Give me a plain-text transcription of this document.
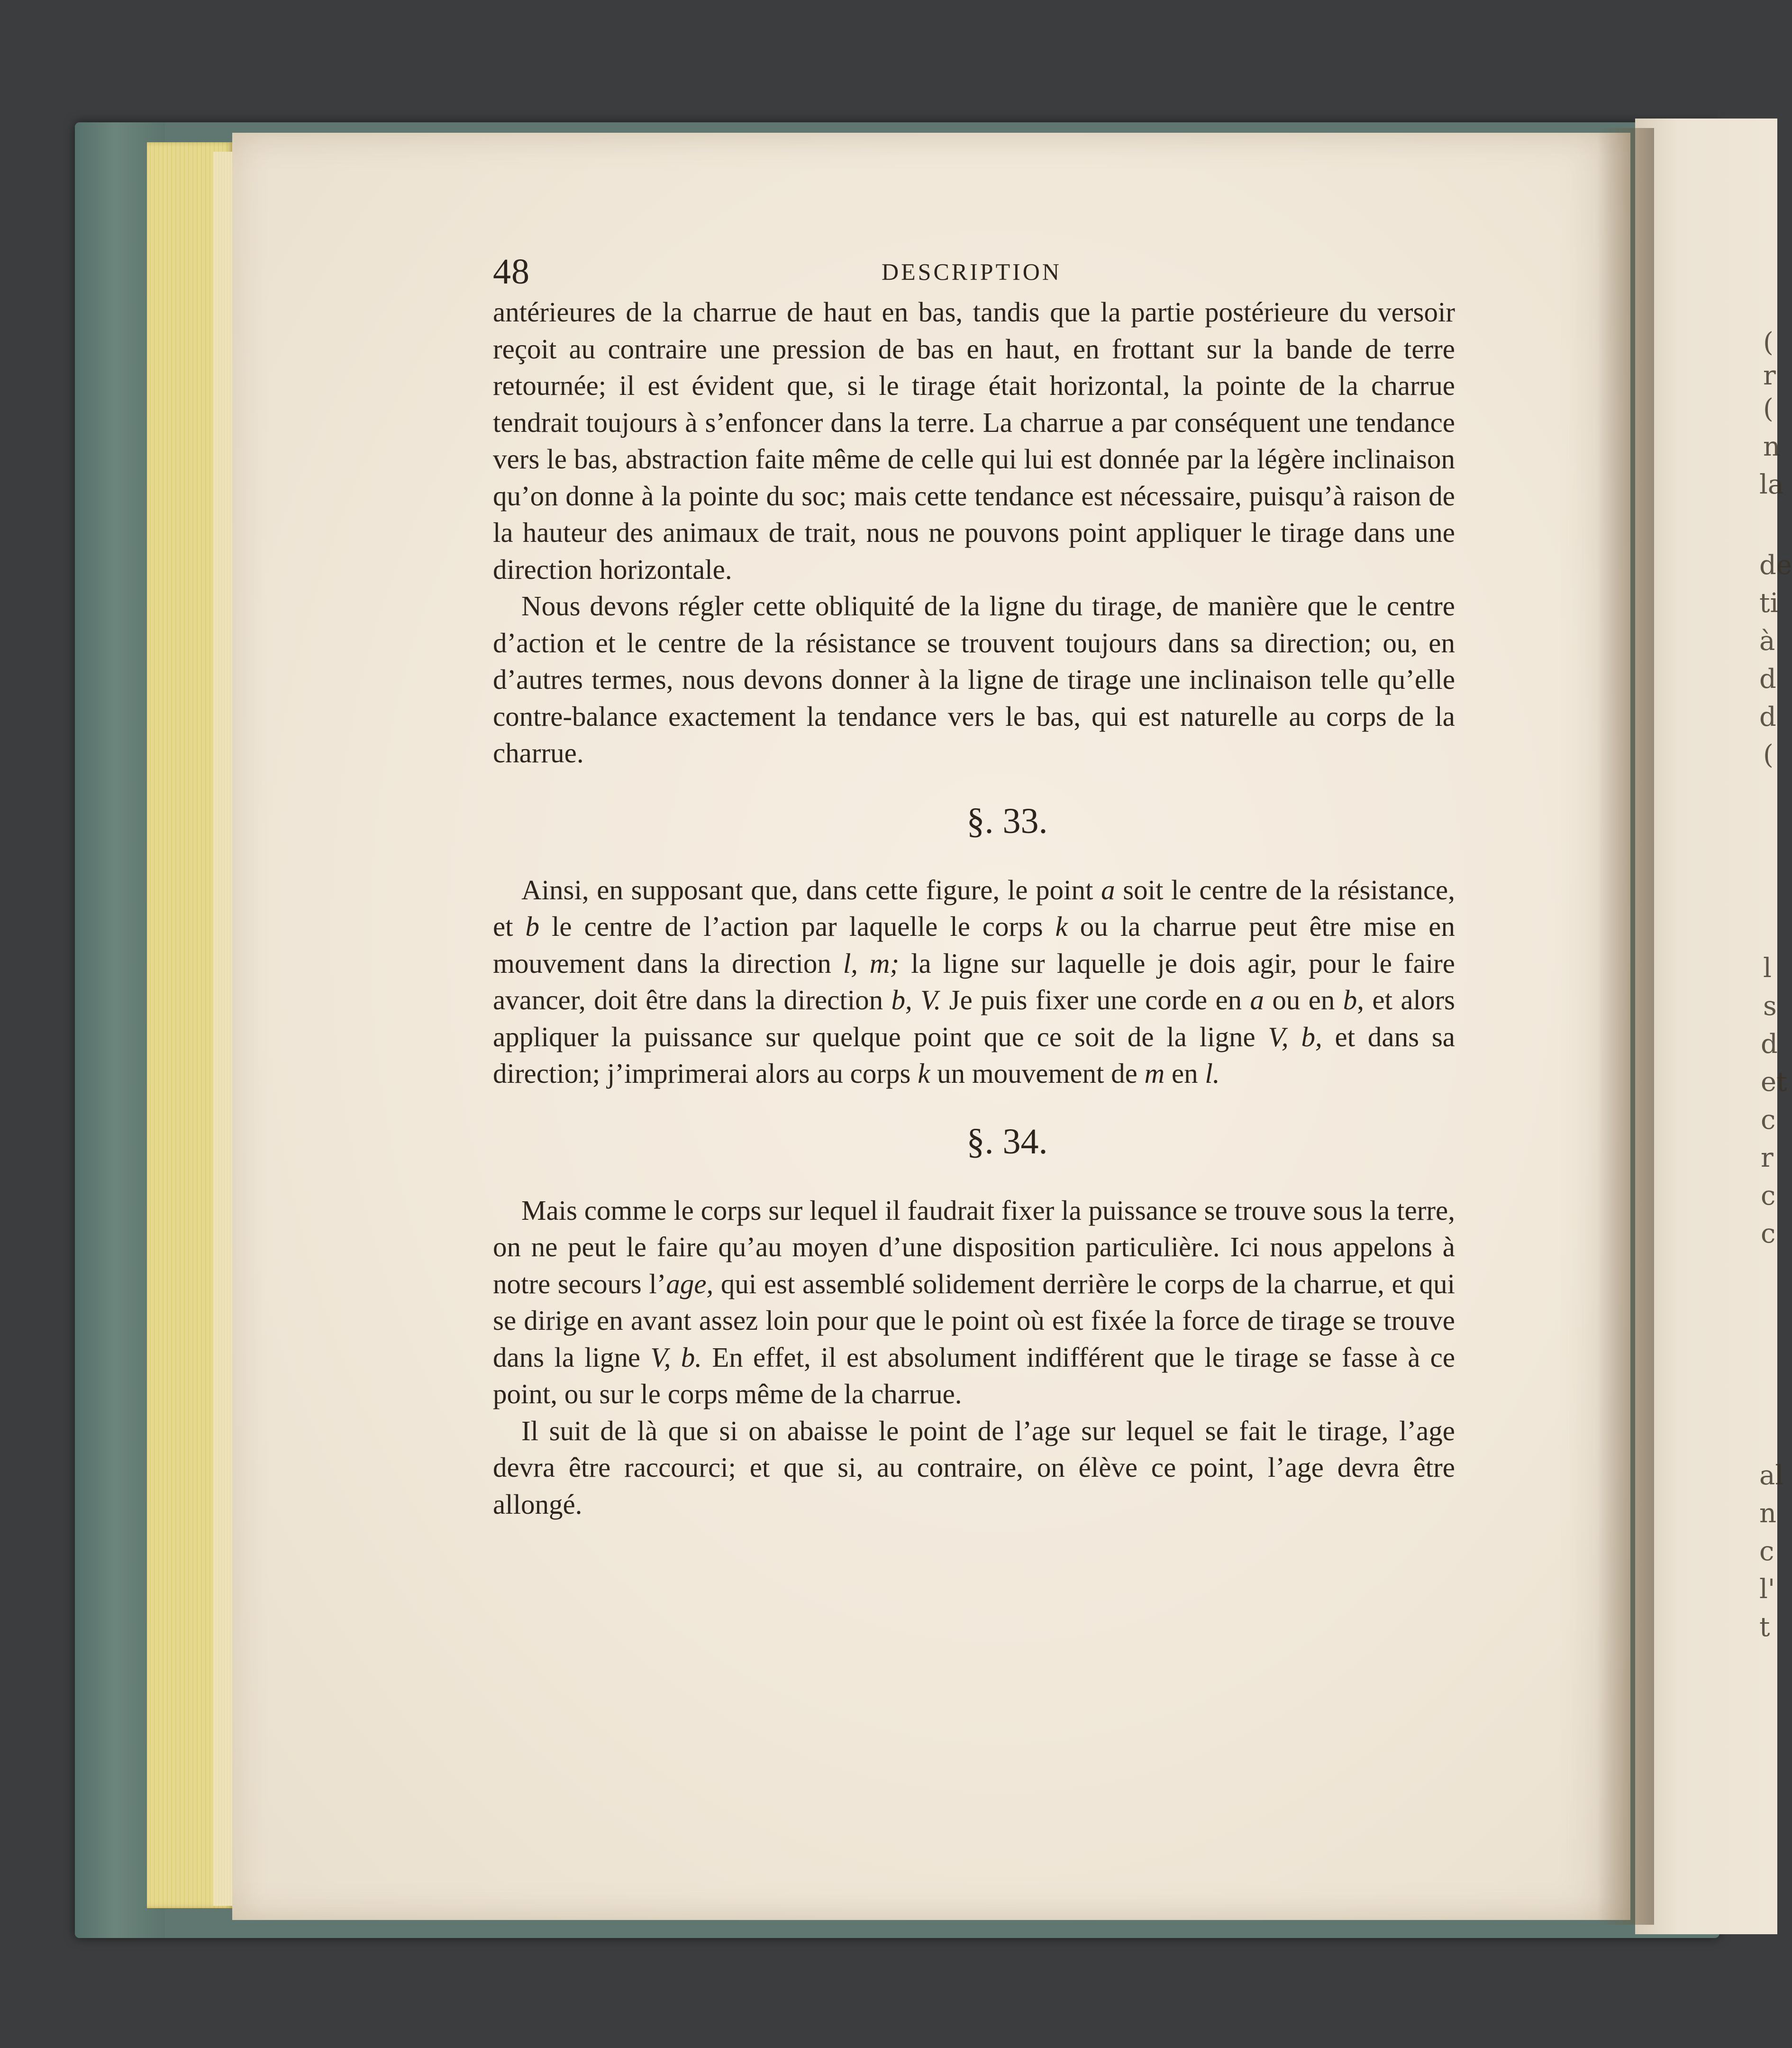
(
r
(
n
la
de
ti
à
d
d
(
l
s
d
et
c
r
c
c
al
n
c
l'
t
48	DESCRIPTION

antérieures de la charrue de haut en bas, tandis que la partie postérieure du versoir reçoit au contraire une pression de bas en haut, en frottant sur la bande de terre retournée; il est évident que, si le tirage était horizontal, la pointe de la charrue tendrait toujours à s’enfoncer dans la terre. La charrue a par conséquent une tendance vers le bas, abstraction faite même de celle qui lui est donnée par la légère inclinaison qu’on donne à la pointe du soc; mais cette tendance est nécessaire, puisqu’à raison de la hauteur des animaux de trait, nous ne pouvons point appliquer le tirage dans une direction horizontale.

Nous devons régler cette obliquité de la ligne du tirage, de manière que le centre d’action et le centre de la résistance se trouvent toujours dans sa direction; ou, en d’autres termes, nous devons donner à la ligne de tirage une inclinaison telle qu’elle contre-balance exactement la tendance vers le bas, qui est naturelle au corps de la charrue.

§. 33.

Ainsi, en supposant que, dans cette figure, le point a soit le centre de la résistance, et b le centre de l’action par laquelle le corps k ou la charrue peut être mise en mouvement dans la direction l, m; la ligne sur laquelle je dois agir, pour le faire avancer, doit être dans la direction b, V. Je puis fixer une corde en a ou en b, et alors appliquer la puissance sur quelque point que ce soit de la ligne V, b, et dans sa direction; j’imprimerai alors au corps k un mouvement de m en l.

§. 34.

Mais comme le corps sur lequel il faudrait fixer la puissance se trouve sous la terre, on ne peut le faire qu’au moyen d’une disposition particulière. Ici nous appelons à notre secours l’age, qui est assemblé solidement derrière le corps de la charrue, et qui se dirige en avant assez loin pour que le point où est fixée la force de tirage se trouve dans la ligne V, b. En effet, il est absolument indifférent que le tirage se fasse à ce point, ou sur le corps même de la charrue.

Il suit de là que si on abaisse le point de l’age sur lequel se fait le tirage, l’age devra être raccourci; et que si, au contraire, on élève ce point, l’age devra être allongé.
